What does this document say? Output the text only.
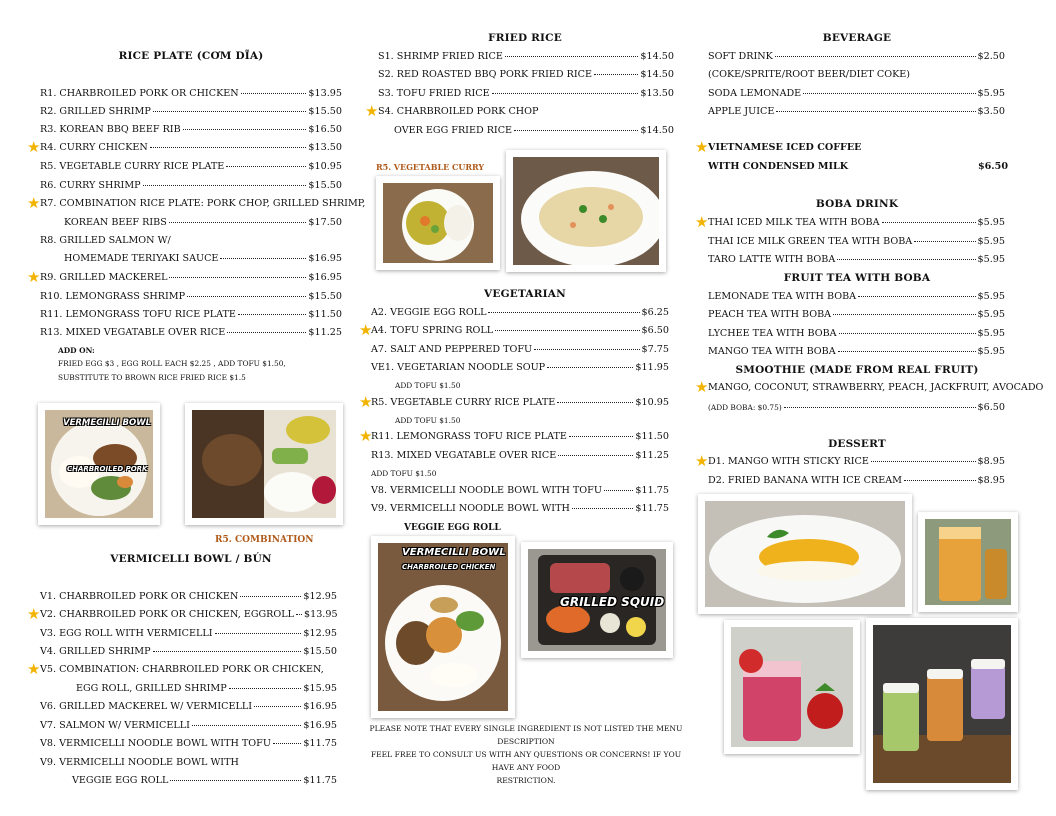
RICE PLATE (CƠM DĨA)
R1. CHARBROILED PORK OR CHICKEN	$13.95
R2. GRILLED SHRIMP	$15.50
R3. KOREAN BBQ BEEF RIB	$16.50
★ R4. CURRY CHICKEN	$13.50
R5. VEGETABLE CURRY RICE PLATE	$10.95
R6. CURRY SHRIMP	$15.50
★ R7. COMBINATION RICE PLATE: PORK CHOP, GRILLED SHRIMP,
KOREAN BEEF RIBS	$17.50
R8. GRILLED SALMON W/
HOMEMADE TERIYAKI SAUCE	$16.95
★ R9. GRILLED MACKEREL	$16.95
R10. LEMONGRASS SHRIMP	$15.50
R11. LEMONGRASS TOFU RICE PLATE	$11.50
R13. MIXED VEGATABLE OVER RICE	$11.25
ADD ON:
FRIED EGG $3 , EGG ROLL EACH $2.25 , ADD TOFU $1.50,
SUBSTITUTE TO BROWN RICE FRIED RICE $1.5
VERMECILLI BOWL
CHARBROILED PORK
R5. COMBINATION
VERMICELLI BOWL / BÚN
V1. CHARBROILED PORK OR CHICKEN	$12.95
★ V2. CHARBROILED PORK OR CHICKEN, EGGROLL $13.95
V3. EGG ROLL WITH VERMICELLI	$12.95
V4. GRILLED SHRIMP	$15.50
★ V5. COMBINATION: CHARBROILED PORK OR CHICKEN,
EGG ROLL, GRILLED SHRIMP	$15.95
V6. GRILLED MACKEREL W/ VERMICELLI	$16.95
V7. SALMON W/ VERMICELLI	$16.95
V8. VERMICELLI NOODLE BOWL WITH TOFU	$11.75
V9. VERMICELLI NOODLE BOWL WITH
VEGGIE EGG ROLL	$11.75
FRIED RICE
S1. SHRIMP FRIED RICE	$14.50
S2. RED ROASTED BBQ PORK FRIED RICE	$14.50
S3. TOFU FRIED RICE	$13.50
★ S4. CHARBROILED PORK CHOP
OVER EGG FRIED RICE	$14.50
R5. VEGETABLE CURRY
VEGETARIAN
A2. VEGGIE EGG ROLL	$6.25
★
A4. TOFU SPRING ROLL	$6.50
A7. SALT AND PEPPERED TOFU	$7.75
VE1. VEGETARIAN NOODLE SOUP	$11.95
ADD TOFU $1.50
★
R5. VEGETABLE CURRY RICE PLATE	$10.95
ADD TOFU $1.50
★
R11. LEMONGRASS TOFU RICE PLATE	$11.50
R13. MIXED VEGATABLE OVER RICE	$11.25
ADD TOFU $1.50
V8. VERMICELLI NOODLE BOWL WITH TOFU	$11.75
V9. VERMICELLI NOODLE BOWL WITH	$11.75
VEGGIE EGG ROLL
VERMECILLI BOWL
CHARBROILED CHICKEN
GRILLED SQUID
PLEASE NOTE THAT EVERY SINGLE INGREDIENT IS NOT LISTED THE MENU DESCRIPTION
FEEL FREE TO CONSULT US WITH ANY QUESTIONS OR CONCERNS! IF YOU HAVE ANY FOOD
RESTRICTION.
BEVERAGE
SOFT DRINK	$2.50
(COKE/SPRITE/ROOT BEER/DIET COKE)
SODA LEMONADE	$5.95
APPLE JUICE	$3.50
★ VIETNAMESE ICED COFFEE
WITH CONDENSED MILK	$6.50
BOBA DRINK
★ THAI ICED MILK TEA WITH BOBA	$5.95
THAI ICE MILK GREEN TEA WITH BOBA	$5.95
TARO LATTE WITH BOBA	$5.95
FRUIT TEA WITH BOBA
LEMONADE TEA WITH BOBA	$5.95
PEACH TEA WITH BOBA	$5.95
LYCHEE TEA WITH BOBA	$5.95
MANGO TEA WITH BOBA	$5.95
SMOOTHIE (MADE FROM REAL FRUIT)
★ MANGO, COCONUT, STRAWBERRY, PEACH, JACKFRUIT, AVOCADO
(ADD BOBA: $0.75)	$6.50
DESSERT
★ D1. MANGO WITH STICKY RICE	$8.95
D2. FRIED BANANA WITH ICE CREAM	$8.95
